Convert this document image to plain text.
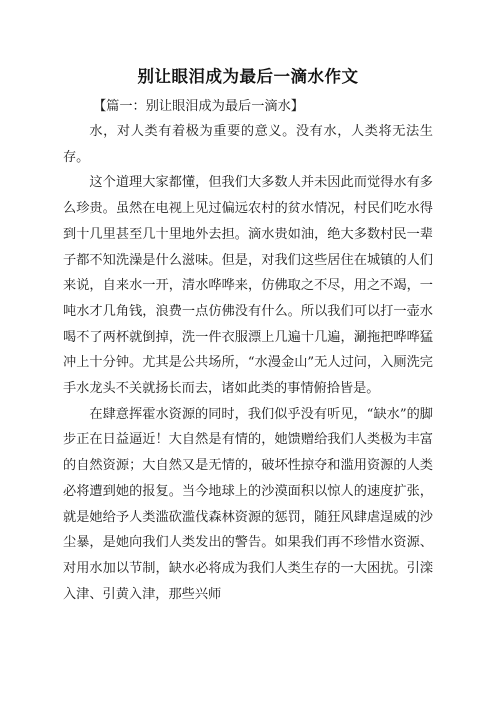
别让眼泪成为最后一滴水作文

【篇一：别让眼泪成为最后一滴水】

水，对人类有着极为重要的意义。没有水，人类将无法生存。

这个道理大家都懂，但我们大多数人并未因此而觉得水有多么珍贵。虽然在电视上见过偏远农村的贫水情况，村民们吃水得到十几里甚至几十里地外去担。滴水贵如油，绝大多数村民一辈子都不知洗澡是什么滋味。但是，对我们这些居住在城镇的人们来说，自来水一开，清水哗哗来，仿佛取之不尽，用之不竭，一吨水才几角钱，浪费一点仿佛没有什么。所以我们可以打一壶水喝不了两杯就倒掉，洗一件衣服漂上几遍十几遍，涮拖把哗哗猛冲上十分钟。尤其是公共场所，“水漫金山”无人过问，入厕洗完手水龙头不关就扬长而去，诸如此类的事情俯拾皆是。

在肆意挥霍水资源的同时，我们似乎没有听见，“缺水”的脚步正在日益逼近！大自然是有情的，她馈赠给我们人类极为丰富的自然资源；大自然又是无情的，破坏性掠夺和滥用资源的人类必将遭到她的报复。当今地球上的沙漠面积以惊人的速度扩张，就是她给予人类滥砍滥伐森林资源的惩罚，随狂风肆虐逞威的沙尘暴，是她向我们人类发出的警告。如果我们再不珍惜水资源、对用水加以节制，缺水必将成为我们人类生存的一大困扰。引滦入津、引黄入津，那些兴师
